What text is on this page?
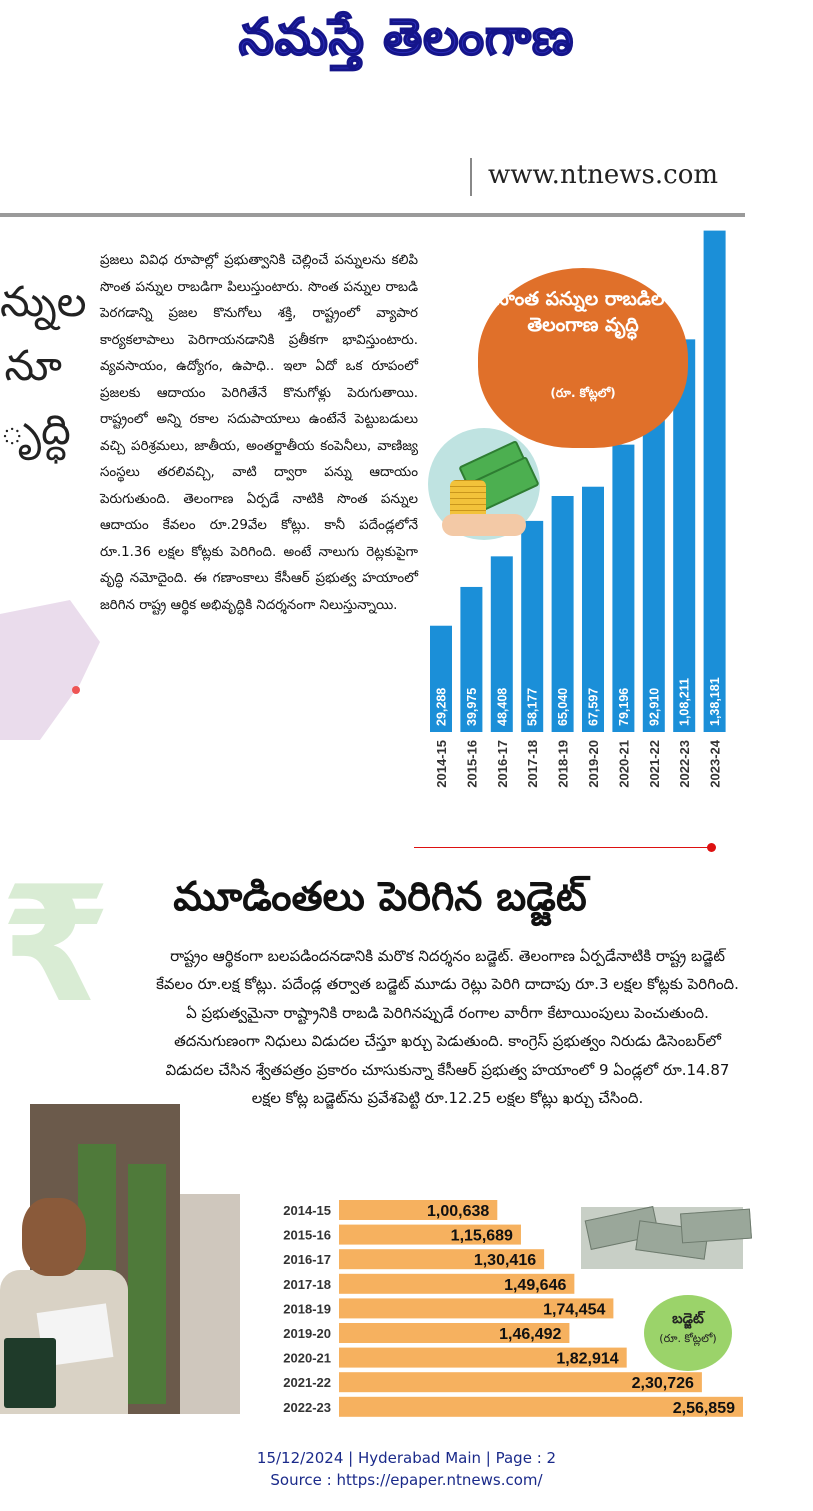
నమస్తే తెలంగాణ
www.ntnews.com
న్నుల
నూ
ృద్ధి
ప్రజలు వివిధ రూపాల్లో ప్రభుత్వానికి చెల్లించే పన్నులను కలిపి సొంత పన్నుల రాబడిగా పిలుస్తుంటారు. సొంత పన్నుల రాబడి పెరగడాన్ని ప్రజల కొనుగోలు శక్తి, రాష్ట్రంలో వ్యాపార కార్యకలాపాలు పెరిగాయనడానికి ప్రతీకగా భావిస్తుంటారు. వ్యవసాయం, ఉద్యోగం, ఉపాధి.. ఇలా ఏదో ఒక రూపంలో ప్రజలకు ఆదాయం పెరిగితేనే కొనుగోళ్లు పెరుగుతాయి. రాష్ట్రంలో అన్ని రకాల సదుపాయాలు ఉంటేనే పెట్టుబడులు వచ్చి పరిశ్రమలు, జాతీయ, అంతర్జాతీయ కంపెనీలు, వాణిజ్య సంస్థలు తరలివచ్చి, వాటి ద్వారా పన్ను ఆదాయం పెరుగుతుంది. తెలంగాణ ఏర్పడే నాటికి సొంత పన్నుల ఆదాయం కేవలం రూ.29వేల కోట్లు. కానీ పదేండ్లలోనే రూ.1.36 లక్షల కోట్లకు పెరిగింది. అంటే నాలుగు రెట్లకుపైగా వృద్ధి నమోదైంది. ఈ గణాంకాలు కేసీఆర్ ప్రభుత్వ హయాంలో జరిగిన రాష్ట్ర ఆర్థిక అభివృద్ధికి నిదర్శనంగా నిలుస్తున్నాయి.
29,288
2014-15
39,975
2015-16
48,408
2016-17
58,177
2017-18
65,040
2018-19
67,597
2019-20
79,196
2020-21
92,910
2021-22
1,08,211
2022-23
1,38,181
2023-24
సొంత పన్నుల రాబడిలో తెలంగాణ వృద్ధి
(రూ. కోట్లలో)
₹	మూడింతలు పెరిగిన బడ్జెట్
రాష్ట్రం ఆర్థికంగా బలపడిందనడానికి మరొక నిదర్శనం బడ్జెట్. తెలంగాణ ఏర్పడేనాటికి రాష్ట్ర బడ్జెట్ కేవలం రూ.లక్ష కోట్లు. పదేండ్ల తర్వాత బడ్జెట్ మూడు రెట్లు పెరిగి దాదాపు రూ.3 లక్షల కోట్లకు పెరిగింది. ఏ ప్రభుత్వమైనా రాష్ట్రానికి రాబడి పెరిగినప్పుడే రంగాల వారీగా కేటాయింపులు పెంచుతుంది. తదనుగుణంగా నిధులు విడుదల చేస్తూ ఖర్చు పెడుతుంది. కాంగ్రెస్ ప్రభుత్వం నిరుడు డిసెంబర్‌లో విడుదల చేసిన శ్వేతపత్రం ప్రకారం చూసుకున్నా కేసీఆర్ ప్రభుత్వ హయాంలో 9 ఏండ్లలో రూ.14.87 లక్షల కోట్ల బడ్జెట్‌ను ప్రవేశపెట్టి రూ.12.25 లక్షల కోట్లు ఖర్చు చేసింది.
2014-15	1,00,638
2015-16	1,15,689
2016-17	1,30,416
2017-18	1,49,646
2018-19	1,74,454
2019-20	1,46,492
2020-21	1,82,914
2021-22	2,30,726
2022-23	2,56,859
బడ్జెట్
(రూ. కోట్లలో)
15/12/2024 | Hyderabad Main | Page : 2
Source : https://epaper.ntnews.com/
